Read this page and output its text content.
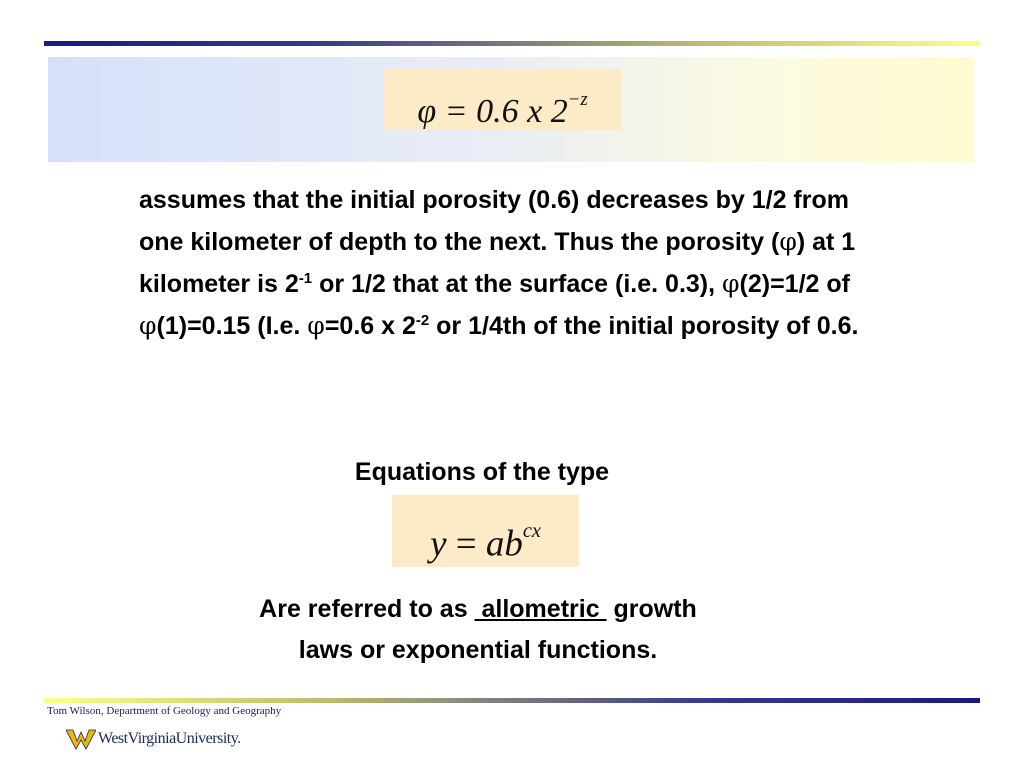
φ = 0.6 x $2^{-z}$

assumes that the initial porosity (0.6) decreases by 1/2 from one kilometer of depth to the next. Thus the porosity (φ) at 1 kilometer is $2^{-1}$ or 1/2 that at the surface (i.e. 0.3), φ(2)=1/2 of φ(1)=0.15 (I.e. φ=0.6 x $2^{-2}$ or 1/4th of the initial porosity of 0.6.

Equations of the type
$y = ab^{cx}$
Are referred to as  allometric  growth
laws or exponential functions.
Tom Wilson, Department of Geology and Geography
WestVirginiaUniversity.
